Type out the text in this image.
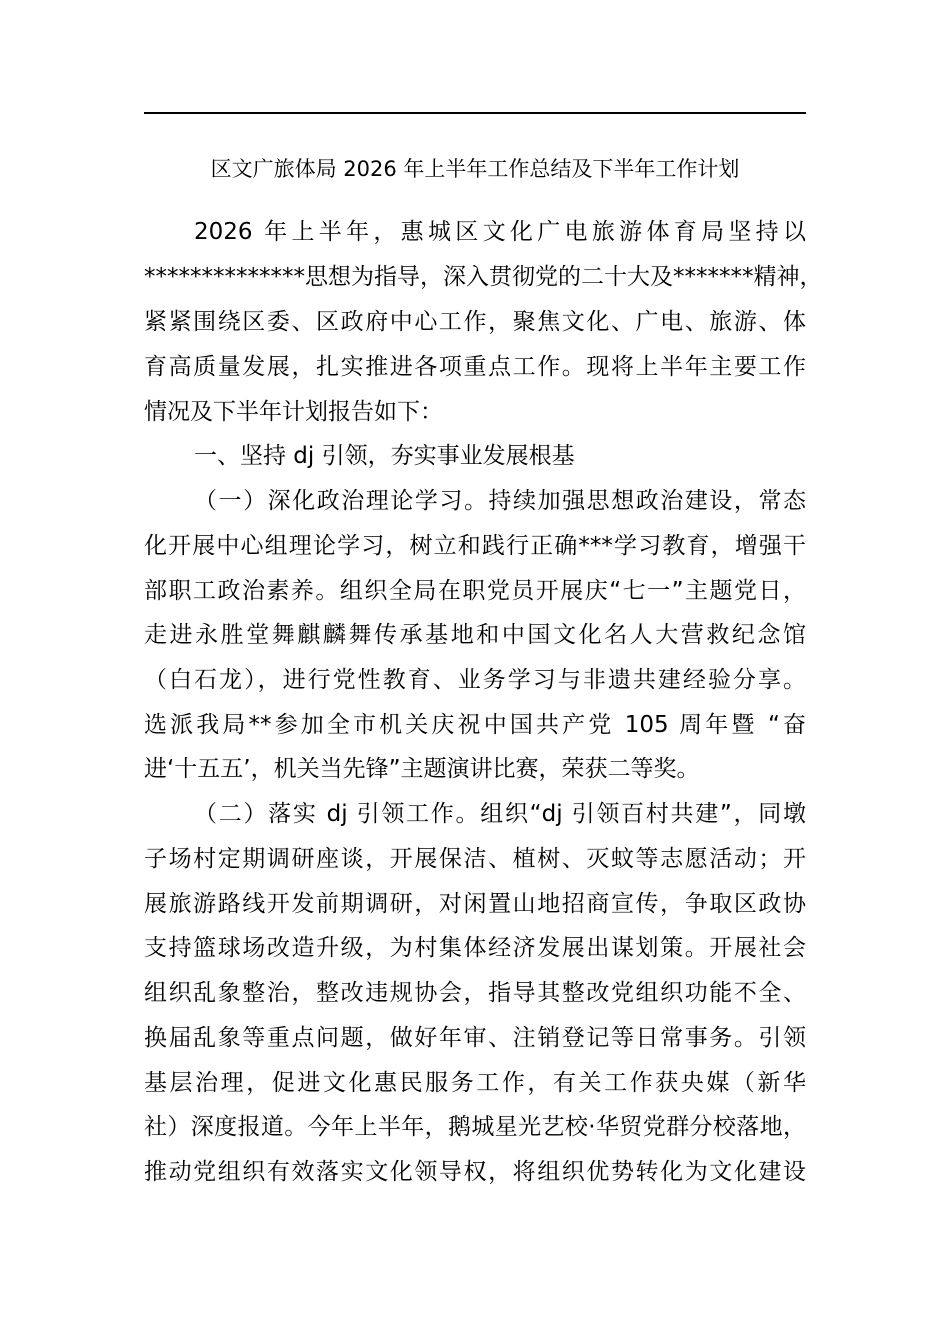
区文广旅体局 2026 年上半年工作总结及下半年工作计划
2026 年上半年，惠城区文化广电旅游体育局坚持以
**************思想为指导，深入贯彻党的二十大及*******精神，
紧紧围绕区委、区政府中心工作，聚焦文化、广电、旅游、体
育高质量发展，扎实推进各项重点工作。现将上半年主要工作
情况及下半年计划报告如下：
一、坚持 dj 引领，夯实事业发展根基
（一）深化政治理论学习。持续加强思想政治建设，常态
化开展中心组理论学习，树立和践行正确***学习教育，增强干
部职工政治素养。组织全局在职党员开展庆“七一”主题党日，
走进永胜堂舞麒麟舞传承基地和中国文化名人大营救纪念馆
（白石龙），进行党性教育、业务学习与非遗共建经验分享。
选派我局**参加全市机关庆祝中国共产党 105 周年暨 “奋
进‘十五五’，机关当先锋”主题演讲比赛，荣获二等奖。
（二）落实 dj 引领工作。组织“dj 引领百村共建”，同墩
子场村定期调研座谈，开展保洁、植树、灭蚊等志愿活动；开
展旅游路线开发前期调研，对闲置山地招商宣传，争取区政协
支持篮球场改造升级，为村集体经济发展出谋划策。开展社会
组织乱象整治，整改违规协会，指导其整改党组织功能不全、
换届乱象等重点问题，做好年审、注销登记等日常事务。引领
基层治理，促进文化惠民服务工作，有关工作获央媒（新华
社）深度报道。今年上半年，鹅城星光艺校·华贸党群分校落地，
推动党组织有效落实文化领导权，将组织优势转化为文化建设
